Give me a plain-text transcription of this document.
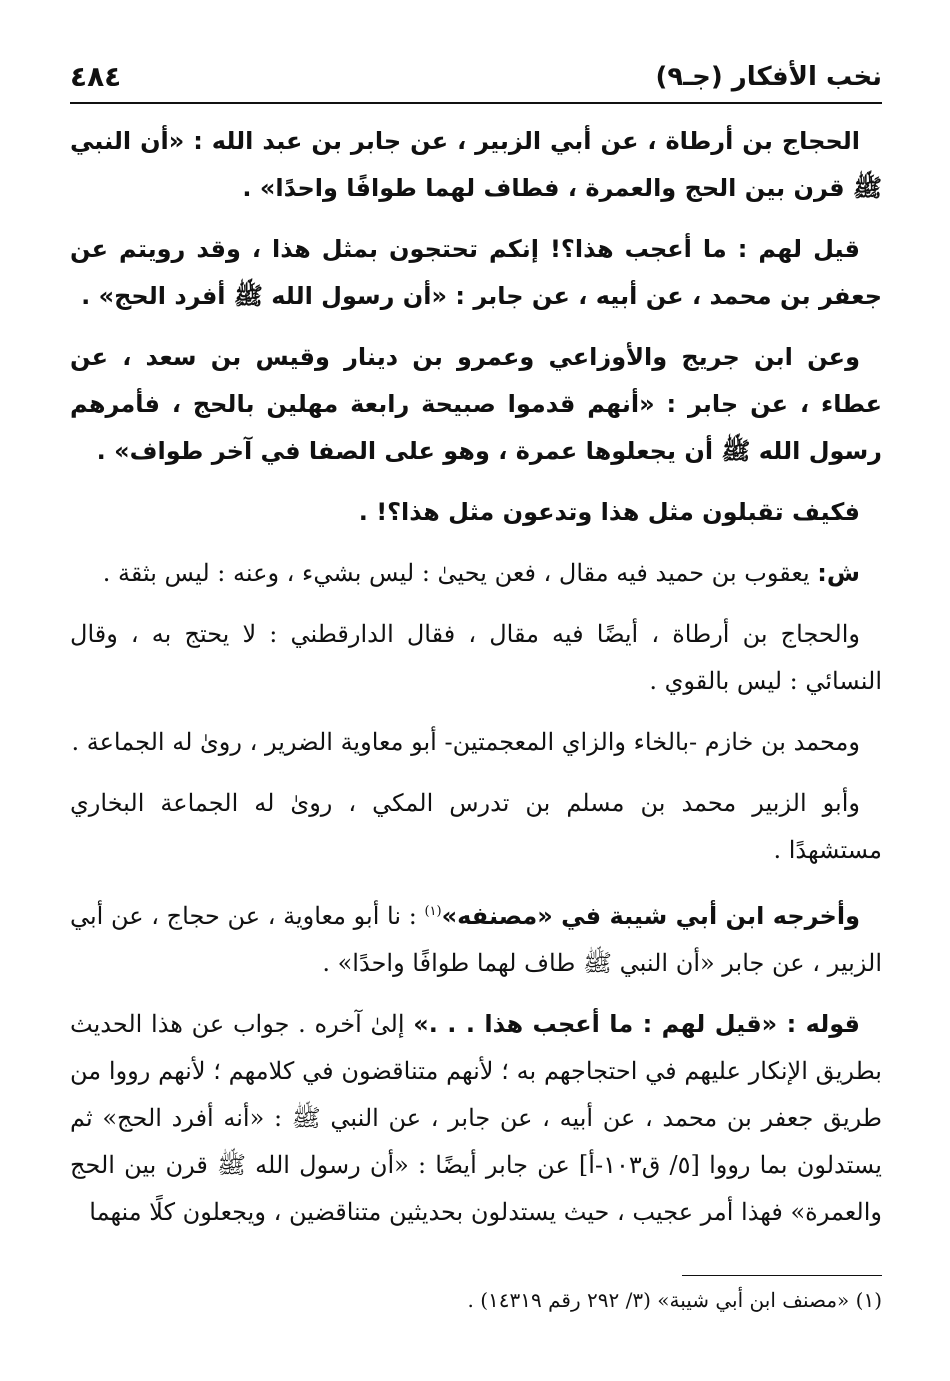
نخب الأفكار (جـ٩)
٤٨٤

الحجاج بن أرطاة ، عن أبي الزبير ، عن جابر بن عبد الله : «أن النبي ﷺ قرن بين الحج والعمرة ، فطاف لهما طوافًا واحدًا» .

قيل لهم : ما أعجب هذا؟! إنكم تحتجون بمثل هذا ، وقد رويتم عن جعفر بن محمد ، عن أبيه ، عن جابر : «أن رسول الله ﷺ أفرد الحج» .

وعن ابن جريج والأوزاعي وعمرو بن دينار وقيس بن سعد ، عن عطاء ، عن جابر : «أنهم قدموا صبيحة رابعة مهلين بالحج ، فأمرهم رسول الله ﷺ أن يجعلوها عمرة ، وهو على الصفا في آخر طواف» .

فكيف تقبلون مثل هذا وتدعون مثل هذا؟! .

ش: يعقوب بن حميد فيه مقال ، فعن يحيىٰ : ليس بشيء ، وعنه : ليس بثقة .

والحجاج بن أرطاة ، أيضًا فيه مقال ، فقال الدارقطني : لا يحتج به ، وقال النسائي : ليس بالقوي .

ومحمد بن خازم -بالخاء والزاي المعجمتين- أبو معاوية الضرير ، روىٰ له الجماعة .

وأبو الزبير محمد بن مسلم بن تدرس المكي ، روىٰ له الجماعة البخاري مستشهدًا .

وأخرجه ابن أبي شيبة في «مصنفه»$^{(١)}$ : نا أبو معاوية ، عن حجاج ، عن أبي الزبير ، عن جابر «أن النبي ﷺ طاف لهما طوافًا واحدًا» .

قوله : «قيل لهم : ما أعجب هذا . . .» إلىٰ آخره . جواب عن هذا الحديث بطريق الإنكار عليهم في احتجاجهم به ؛ لأنهم متناقضون في كلامهم ؛ لأنهم رووا من طريق جعفر بن محمد ، عن أبيه ، عن جابر ، عن النبي ﷺ : «أنه أفرد الحج» ثم يستدلون بما رووا [٥/ ق١٠٣-أ] عن جابر أيضًا : «أن رسول الله ﷺ قرن بين الحج والعمرة» فهذا أمر عجيب ، حيث يستدلون بحديثين متناقضين ، ويجعلون كلًا منهما

(١) «مصنف ابن أبي شيبة» (٣/ ٢٩٢ رقم ١٤٣١٩) .
